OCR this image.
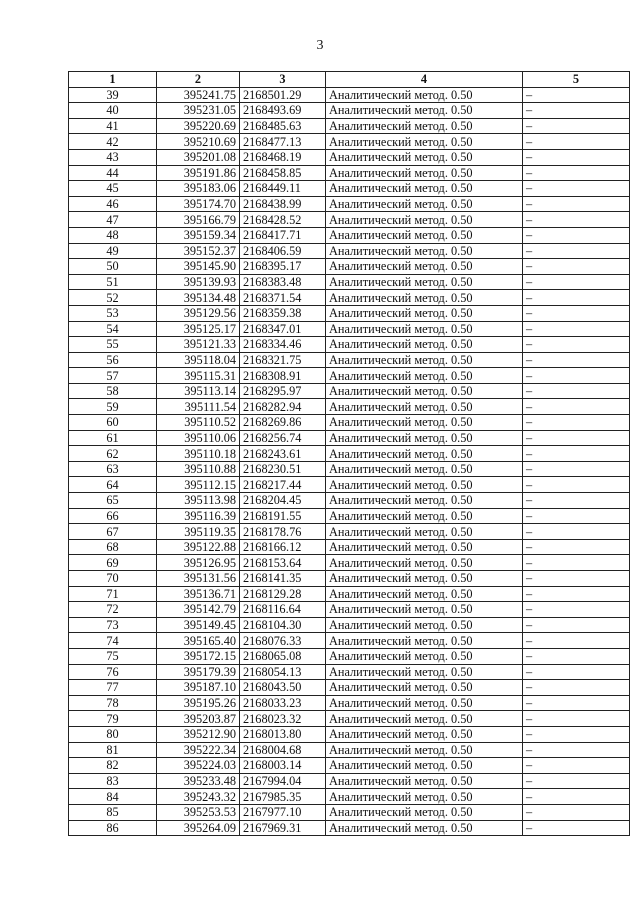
3
1	2	3	4	5
39	395241.75	2168501.29	Аналитический метод. 0.50	–
40	395231.05	2168493.69	Аналитический метод. 0.50	–
41	395220.69	2168485.63	Аналитический метод. 0.50	–
42	395210.69	2168477.13	Аналитический метод. 0.50	–
43	395201.08	2168468.19	Аналитический метод. 0.50	–
44	395191.86	2168458.85	Аналитический метод. 0.50	–
45	395183.06	2168449.11	Аналитический метод. 0.50	–
46	395174.70	2168438.99	Аналитический метод. 0.50	–
47	395166.79	2168428.52	Аналитический метод. 0.50	–
48	395159.34	2168417.71	Аналитический метод. 0.50	–
49	395152.37	2168406.59	Аналитический метод. 0.50	–
50	395145.90	2168395.17	Аналитический метод. 0.50	–
51	395139.93	2168383.48	Аналитический метод. 0.50	–
52	395134.48	2168371.54	Аналитический метод. 0.50	–
53	395129.56	2168359.38	Аналитический метод. 0.50	–
54	395125.17	2168347.01	Аналитический метод. 0.50	–
55	395121.33	2168334.46	Аналитический метод. 0.50	–
56	395118.04	2168321.75	Аналитический метод. 0.50	–
57	395115.31	2168308.91	Аналитический метод. 0.50	–
58	395113.14	2168295.97	Аналитический метод. 0.50	–
59	395111.54	2168282.94	Аналитический метод. 0.50	–
60	395110.52	2168269.86	Аналитический метод. 0.50	–
61	395110.06	2168256.74	Аналитический метод. 0.50	–
62	395110.18	2168243.61	Аналитический метод. 0.50	–
63	395110.88	2168230.51	Аналитический метод. 0.50	–
64	395112.15	2168217.44	Аналитический метод. 0.50	–
65	395113.98	2168204.45	Аналитический метод. 0.50	–
66	395116.39	2168191.55	Аналитический метод. 0.50	–
67	395119.35	2168178.76	Аналитический метод. 0.50	–
68	395122.88	2168166.12	Аналитический метод. 0.50	–
69	395126.95	2168153.64	Аналитический метод. 0.50	–
70	395131.56	2168141.35	Аналитический метод. 0.50	–
71	395136.71	2168129.28	Аналитический метод. 0.50	–
72	395142.79	2168116.64	Аналитический метод. 0.50	–
73	395149.45	2168104.30	Аналитический метод. 0.50	–
74	395165.40	2168076.33	Аналитический метод. 0.50	–
75	395172.15	2168065.08	Аналитический метод. 0.50	–
76	395179.39	2168054.13	Аналитический метод. 0.50	–
77	395187.10	2168043.50	Аналитический метод. 0.50	–
78	395195.26	2168033.23	Аналитический метод. 0.50	–
79	395203.87	2168023.32	Аналитический метод. 0.50	–
80	395212.90	2168013.80	Аналитический метод. 0.50	–
81	395222.34	2168004.68	Аналитический метод. 0.50	–
82	395224.03	2168003.14	Аналитический метод. 0.50	–
83	395233.48	2167994.04	Аналитический метод. 0.50	–
84	395243.32	2167985.35	Аналитический метод. 0.50	–
85	395253.53	2167977.10	Аналитический метод. 0.50	–
86	395264.09	2167969.31	Аналитический метод. 0.50	–
